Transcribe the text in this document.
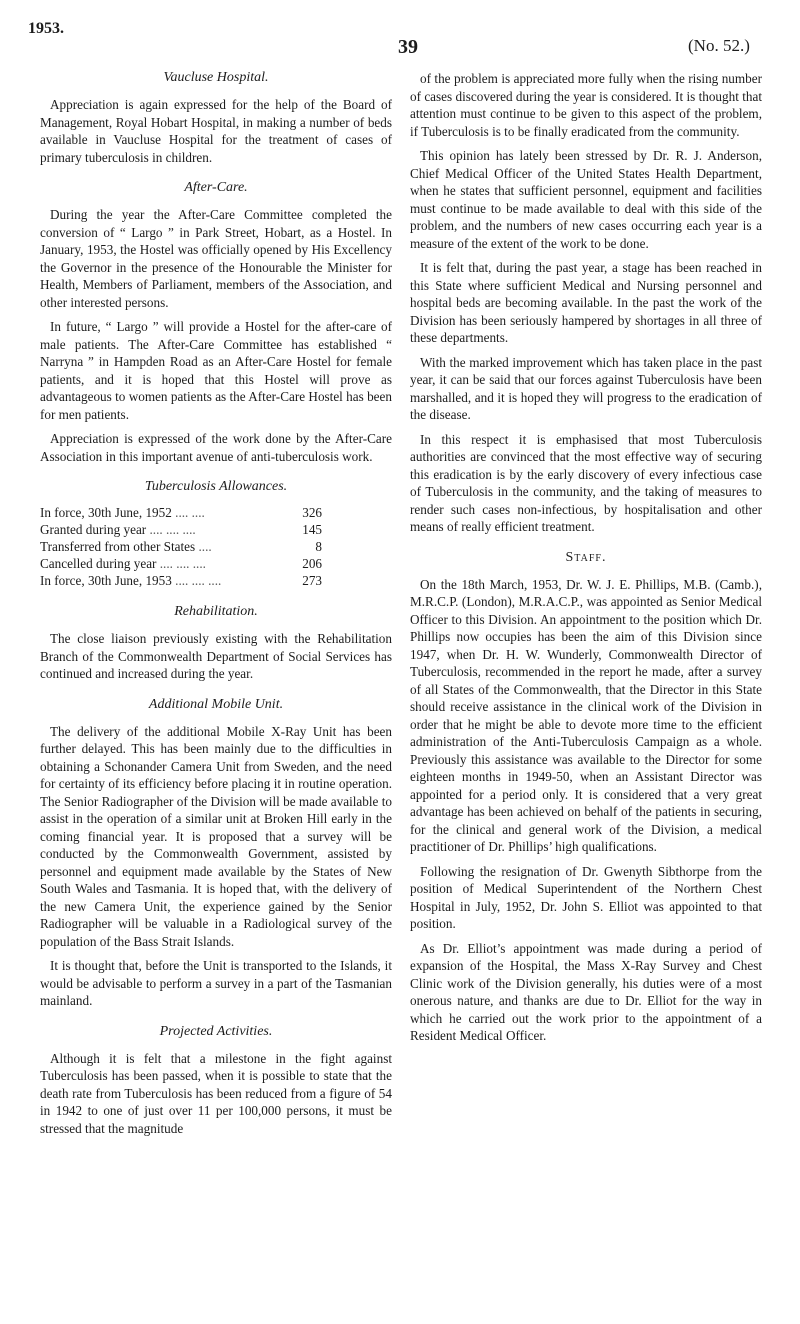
1953.
39	(No. 52.)
Vaucluse Hospital.

Appreciation is again expressed for the help of the Board of Management, Royal Hobart Hospital, in making a number of beds available in Vaucluse Hospital for the treatment of cases of primary tuberculosis in children.

After-Care.

During the year the After-Care Committee completed the conversion of “ Largo ” in Park Street, Hobart, as a Hostel. In January, 1953, the Hostel was officially opened by His Excellency the Governor in the presence of the Honourable the Minister for Health, Members of Parliament, members of the Association, and other interested persons.

In future, “ Largo ” will provide a Hostel for the after-care of male patients. The After-Care Committee has established “ Narryna ” in Hampden Road as an After-Care Hostel for female patients, and it is hoped that this Hostel will prove as advantageous to women patients as the After-Care Hostel has been for men patients.

Appreciation is expressed of the work done by the After-Care Association in this important avenue of anti-tuberculosis work.

Tuberculosis Allowances.
In force, 30th June, 1952 .... ....	326
Granted during year .... .... ....	145
Transferred from other States ....	8
Cancelled during year .... .... ....	206
In force, 30th June, 1953 .... .... ....	273
Rehabilitation.

The close liaison previously existing with the Rehabilitation Branch of the Commonwealth Department of Social Services has continued and increased during the year.

Additional Mobile Unit.

The delivery of the additional Mobile X-Ray Unit has been further delayed. This has been mainly due to the difficulties in obtaining a Schonander Camera Unit from Sweden, and the need for certainty of its efficiency before placing it in routine operation. The Senior Radiographer of the Division will be made available to assist in the operation of a similar unit at Broken Hill early in the coming financial year. It is proposed that a survey will be conducted by the Commonwealth Government, assisted by personnel and equipment made available by the States of New South Wales and Tasmania. It is hoped that, with the delivery of the new Camera Unit, the experience gained by the Senior Radiographer will be valuable in a Radiological survey of the population of the Bass Strait Islands.

It is thought that, before the Unit is transported to the Islands, it would be advisable to perform a survey in a part of the Tasmanian mainland.

Projected Activities.

Although it is felt that a milestone in the fight against Tuberculosis has been passed, when it is possible to state that the death rate from Tuberculosis has been reduced from a figure of 54 in 1942 to one of just over 11 per 100,000 persons, it must be stressed that the magnitude

of the problem is appreciated more fully when the rising number of cases discovered during the year is considered. It is thought that attention must continue to be given to this aspect of the problem, if Tuberculosis is to be finally eradicated from the community.

This opinion has lately been stressed by Dr. R. J. Anderson, Chief Medical Officer of the United States Health Department, when he states that sufficient personnel, equipment and facilities must continue to be made available to deal with this side of the problem, and the numbers of new cases occurring each year is a measure of the extent of the work to be done.

It is felt that, during the past year, a stage has been reached in this State where sufficient Medical and Nursing personnel and hospital beds are becoming available. In the past the work of the Division has been seriously hampered by shortages in all three of these departments.

With the marked improvement which has taken place in the past year, it can be said that our forces against Tuberculosis have been marshalled, and it is hoped they will progress to the eradication of the disease.

In this respect it is emphasised that most Tuberculosis authorities are convinced that the most effective way of securing this eradication is by the early discovery of every infectious case of Tuberculosis in the community, and the taking of measures to render such cases non-infectious, by hospitalisation and other means of really efficient treatment.

Staff.

On the 18th March, 1953, Dr. W. J. E. Phillips, M.B. (Camb.), M.R.C.P. (London), M.R.A.C.P., was appointed as Senior Medical Officer to this Division. An appointment to the position which Dr. Phillips now occupies has been the aim of this Division since 1947, when Dr. H. W. Wunderly, Commonwealth Director of Tuberculosis, recommended in the report he made, after a survey of all States of the Commonwealth, that the Director in this State should receive assistance in the clinical work of the Division in order that he might be able to devote more time to the efficient administration of the Anti-Tuberculosis Campaign as a whole. Previously this assistance was available to the Director for some eighteen months in 1949-50, when an Assistant Director was appointed for a period only. It is considered that a very great advantage has been achieved on behalf of the patients in securing, for the clinical and general work of the Division, a medical practitioner of Dr. Phillips’ high qualifications.

Following the resignation of Dr. Gwenyth Sibthorpe from the position of Medical Superintendent of the Northern Chest Hospital in July, 1952, Dr. John S. Elliot was appointed to that position.

As Dr. Elliot’s appointment was made during a period of expansion of the Hospital, the Mass X-Ray Survey and Chest Clinic work of the Division generally, his duties were of a most onerous nature, and thanks are due to Dr. Elliot for the way in which he carried out the work prior to the appointment of a Resident Medical Officer.
